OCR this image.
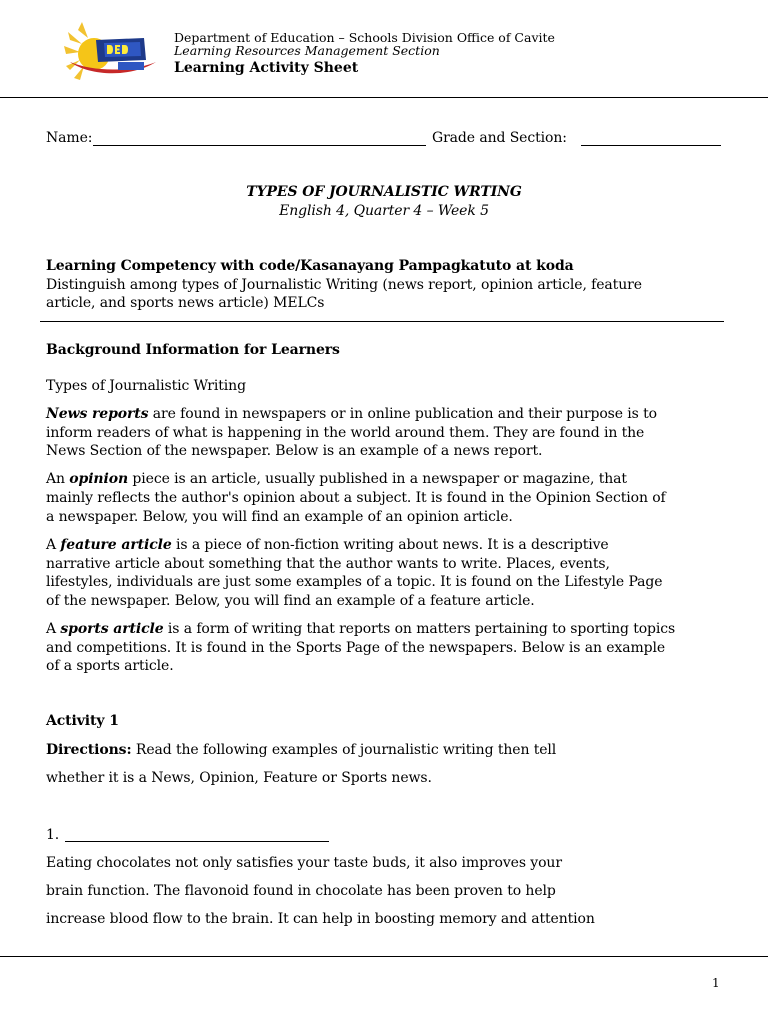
Department of Education – Schools Division Office of Cavite
Learning Resources Management Section
Learning Activity Sheet
Name:	Grade and Section:
TYPES OF JOURNALISTIC WRTING
English 4, Quarter 4 – Week 5
Learning Competency with code/Kasanayang Pampagkatuto at koda
Distinguish among types of Journalistic Writing (news report, opinion article, feature
article, and sports news article) MELCs
Background Information for Learners
Types of Journalistic Writing
News reports are found in newspapers or in online publication and their purpose is to
inform readers of what is happening in the world around them. They are found in the
News Section of the newspaper. Below is an example of a news report.
An opinion piece is an article, usually published in a newspaper or magazine, that
mainly reflects the author's opinion about a subject. It is found in the Opinion Section of
a newspaper. Below, you will find an example of an opinion article.
A feature article is a piece of non-fiction writing about news. It is a descriptive
narrative article about something that the author wants to write. Places, events,
lifestyles, individuals are just some examples of a topic. It is found on the Lifestyle Page
of the newspaper. Below, you will find an example of a feature article.
A sports article is a form of writing that reports on matters pertaining to sporting topics
and competitions. It is found in the Sports Page of the newspapers. Below is an example
of a sports article.
Activity 1
Directions: Read the following examples of journalistic writing then tell
whether it is a News, Opinion, Feature or Sports news.
1.
Eating chocolates not only satisfies your taste buds, it also improves your
brain function. The flavonoid found in chocolate has been proven to help
increase blood flow to the brain. It can help in boosting memory and attention
1
